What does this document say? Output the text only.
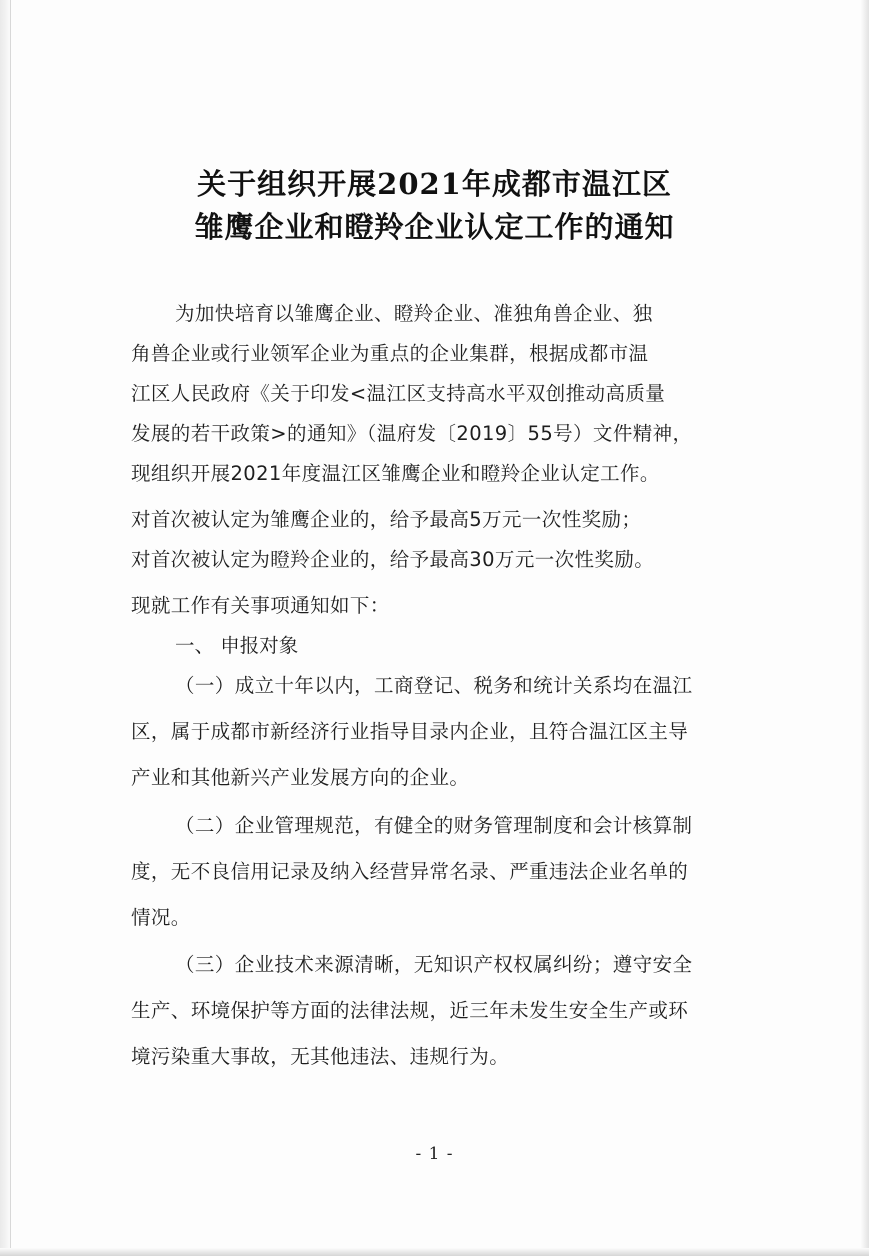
关于组织开展2021年成都市温江区
雏鹰企业和瞪羚企业认定工作的通知
为加快培育以雏鹰企业、瞪羚企业、准独角兽企业、独
角兽企业或行业领军企业为重点的企业集群，根据成都市温
江区人民政府《关于印发<温江区支持高水平双创推动高质量
发展的若干政策>的通知》（温府发〔2019〕55号）文件精神，
现组织开展2021年度温江区雏鹰企业和瞪羚企业认定工作。
对首次被认定为雏鹰企业的，给予最高5万元一次性奖励；
对首次被认定为瞪羚企业的，给予最高30万元一次性奖励。
现就工作有关事项通知如下：
一、 申报对象
（一）成立十年以内，工商登记、税务和统计关系均在温江
区，属于成都市新经济行业指导目录内企业，且符合温江区主导
产业和其他新兴产业发展方向的企业。
（二）企业管理规范，有健全的财务管理制度和会计核算制
度，无不良信用记录及纳入经营异常名录、严重违法企业名单的
情况。
（三）企业技术来源清晰，无知识产权权属纠纷；遵守安全
生产、环境保护等方面的法律法规，近三年未发生安全生产或环
境污染重大事故，无其他违法、违规行为。
- 1 -
